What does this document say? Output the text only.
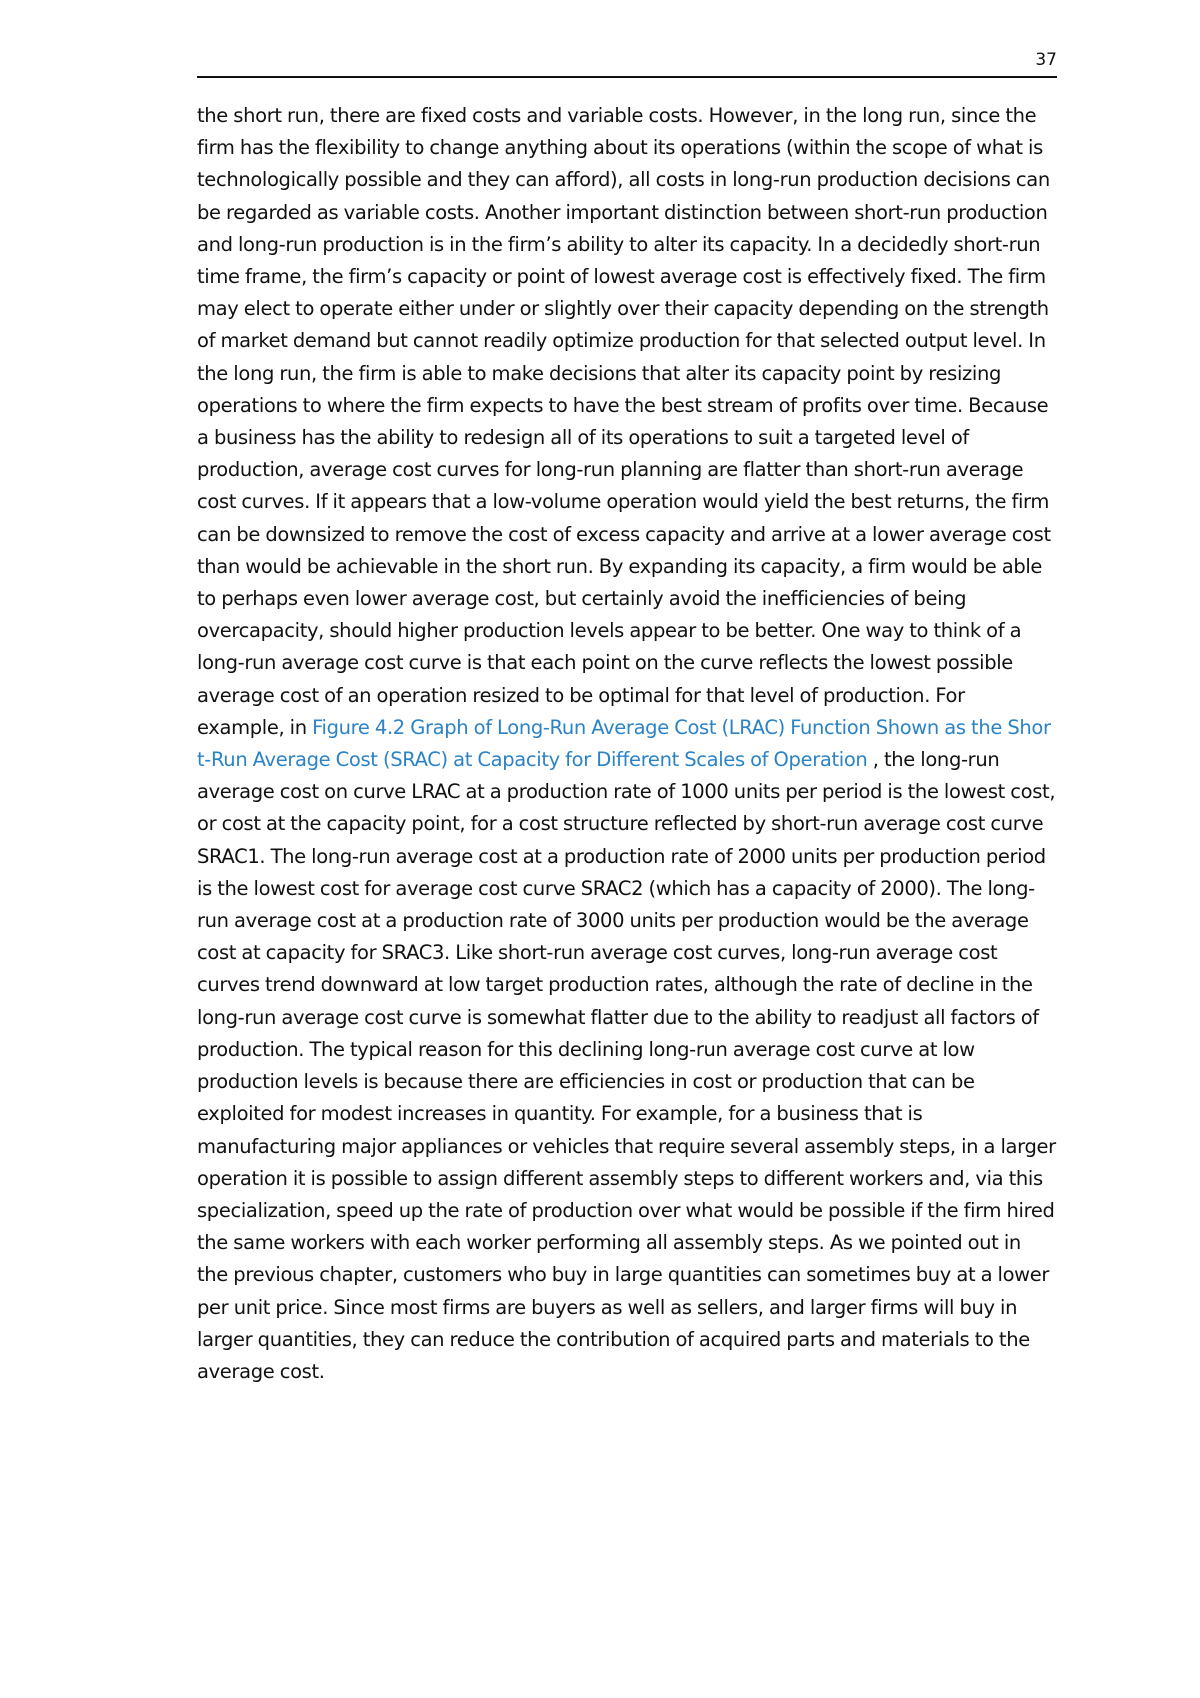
37

the short run, there are fixed costs and variable costs. However, in the long run, since the firm has the flexibility to change anything about its operations (within the scope of what is technologically possible and they can afford), all costs in long-run production decisions can be regarded as variable costs. Another important distinction between short-run production and long-run production is in the firm’s ability to alter its capacity. In a decidedly short-run time frame, the firm’s capacity or point of lowest average cost is effectively fixed. The firm may elect to operate either under or slightly over their capacity depending on the strength of market demand but cannot readily optimize production for that selected output level. In the long run, the firm is able to make decisions that alter its capacity point by resizing operations to where the firm expects to have the best stream of profits over time. Because a business has the ability to redesign all of its operations to suit a targeted level of production, average cost curves for long-run planning are flatter than short-run average cost curves. If it appears that a low-volume operation would yield the best returns, the firm can be downsized to remove the cost of excess capacity and arrive at a lower average cost than would be achievable in the short run. By expanding its capacity, a firm would be able to perhaps even lower average cost, but certainly avoid the inefficiencies of being overcapacity, should higher production levels appear to be better. One way to think of a long-run average cost curve is that each point on the curve reflects the lowest possible average cost of an operation resized to be optimal for that level of production. For example, in Figure 4.2 Graph of Long-Run Average Cost (LRAC) Function Shown as the Short-Run Average Cost (SRAC) at Capacity for Different Scales of Operation , the long-run average cost on curve LRAC at a production rate of 1000 units per period is the lowest cost, or cost at the capacity point, for a cost structure reflected by short-run average cost curve SRAC1. The long-run average cost at a production rate of 2000 units per production period is the lowest cost for average cost curve SRAC2 (which has a capacity of 2000). The long-run average cost at a production rate of 3000 units per production would be the average cost at capacity for SRAC3. Like short-run average cost curves, long-run average cost curves trend downward at low target production rates, although the rate of decline in the long-run average cost curve is somewhat flatter due to the ability to readjust all factors of production. The typical reason for this declining long-run average cost curve at low production levels is because there are efficiencies in cost or production that can be exploited for modest increases in quantity. For example, for a business that is manufacturing major appliances or vehicles that require several assembly steps, in a larger operation it is possible to assign different assembly steps to different workers and, via this specialization, speed up the rate of production over what would be possible if the firm hired the same workers with each worker performing all assembly steps. As we pointed out in the previous chapter, customers who buy in large quantities can sometimes buy at a lower per unit price. Since most firms are buyers as well as sellers, and larger firms will buy in larger quantities, they can reduce the contribution of acquired parts and materials to the average cost.
